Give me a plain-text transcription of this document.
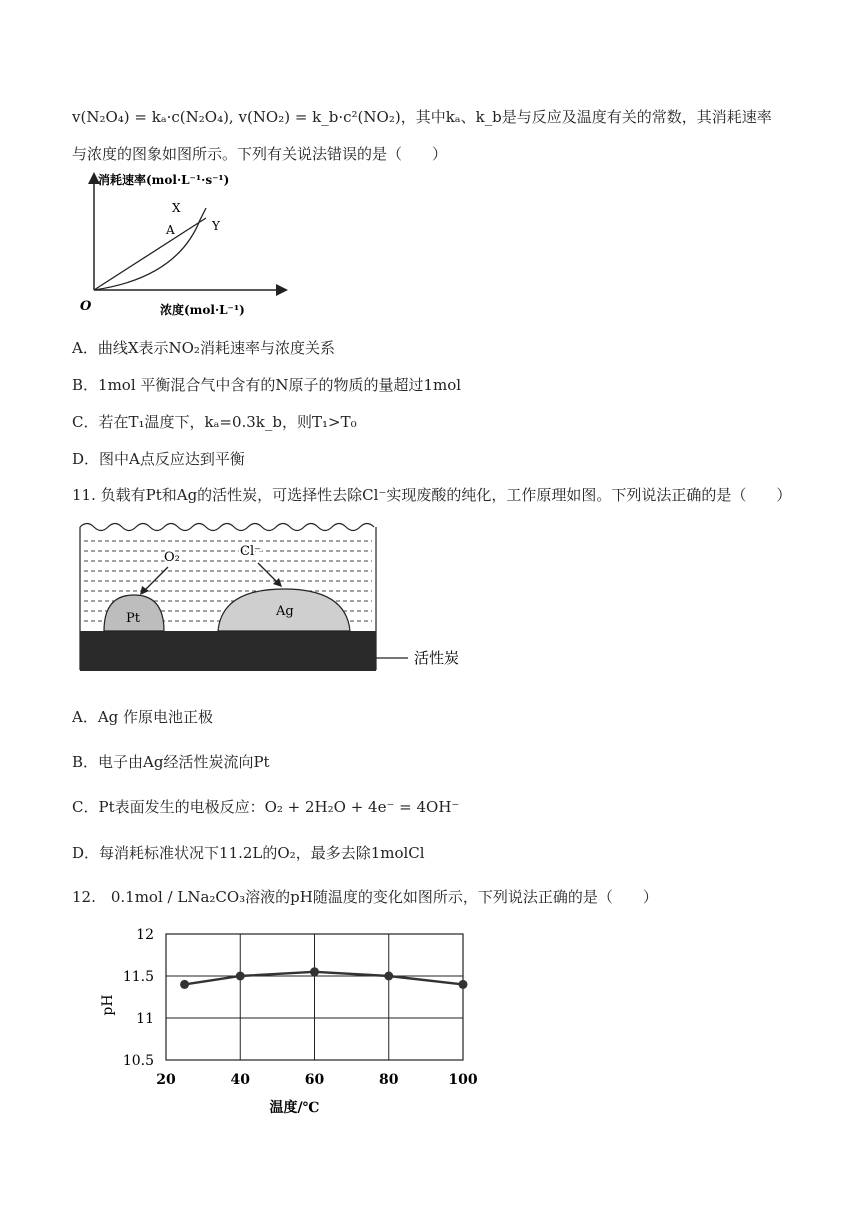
v(N₂O₄) = kₐ·c(N₂O₄), v(NO₂) = k_b·c²(NO₂)，其中kₐ、k_b是与反应及温度有关的常数，其消耗速率
与浓度的图象如图所示。下列有关说法错误的是（　　）
消耗速率(mol·L⁻¹·s⁻¹)
浓度(mol·L⁻¹)
O
X
Y
A
A．曲线X表示NO₂消耗速率与浓度关系
B．1mol 平衡混合气中含有的N原子的物质的量超过1mol
C．若在T₁温度下，kₐ=0.3k_b，则T₁>T₀
D．图中A点反应达到平衡
11. 负载有Pt和Ag的活性炭，可选择性去除Cl⁻实现废酸的纯化，工作原理如图。下列说法正确的是（　　）
Pt	Ag
O₂	Cl⁻
活性炭
A．Ag 作原电池正极
B．电子由Ag经活性炭流向Pt
C．Pt表面发生的电极反应：O₂ + 2H₂O + 4e⁻ = 4OH⁻
D．每消耗标准状况下11.2L的O₂，最多去除1molCl
12.　0.1mol / LNa₂CO₃溶液的pH随温度的变化如图所示，下列说法正确的是（　　）
20	40	60	80	100
10.5
11
11.5
12
温度/℃
pH
